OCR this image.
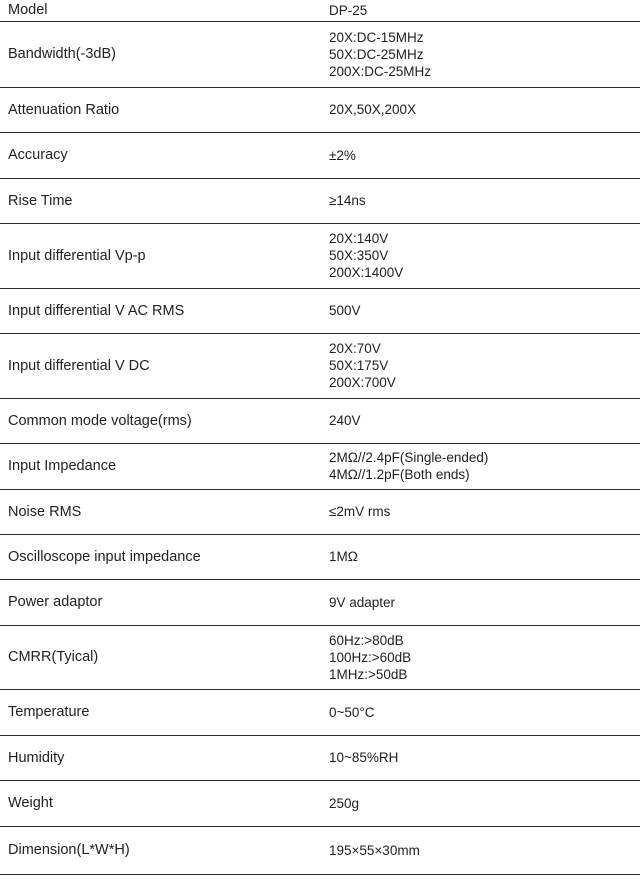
Model	DP-25

Bandwidth(-3dB)	20X:DC-15MHz
50X:DC-25MHz
200X:DC-25MHz

Attenuation Ratio	20X,50X,200X

Accuracy	±2%

Rise Time	≥14ns

Input differential Vp-p	20X:140V
50X:350V
200X:1400V

Input differential V AC RMS	500V

Input differential V DC	20X:70V
50X:175V
200X:700V

Common mode voltage(rms)	240V

Input Impedance	2MΩ//2.4pF(Single-ended)
4MΩ//1.2pF(Both ends)

Noise RMS	≤2mV rms

Oscilloscope input impedance	1MΩ

Power adaptor	9V adapter

CMRR(Tyical)	60Hz:>80dB
100Hz:>60dB
1MHz:>50dB

Temperature	0~50°C

Humidity	10~85%RH

Weight	250g

Dimension(L*W*H)	195×55×30mm
